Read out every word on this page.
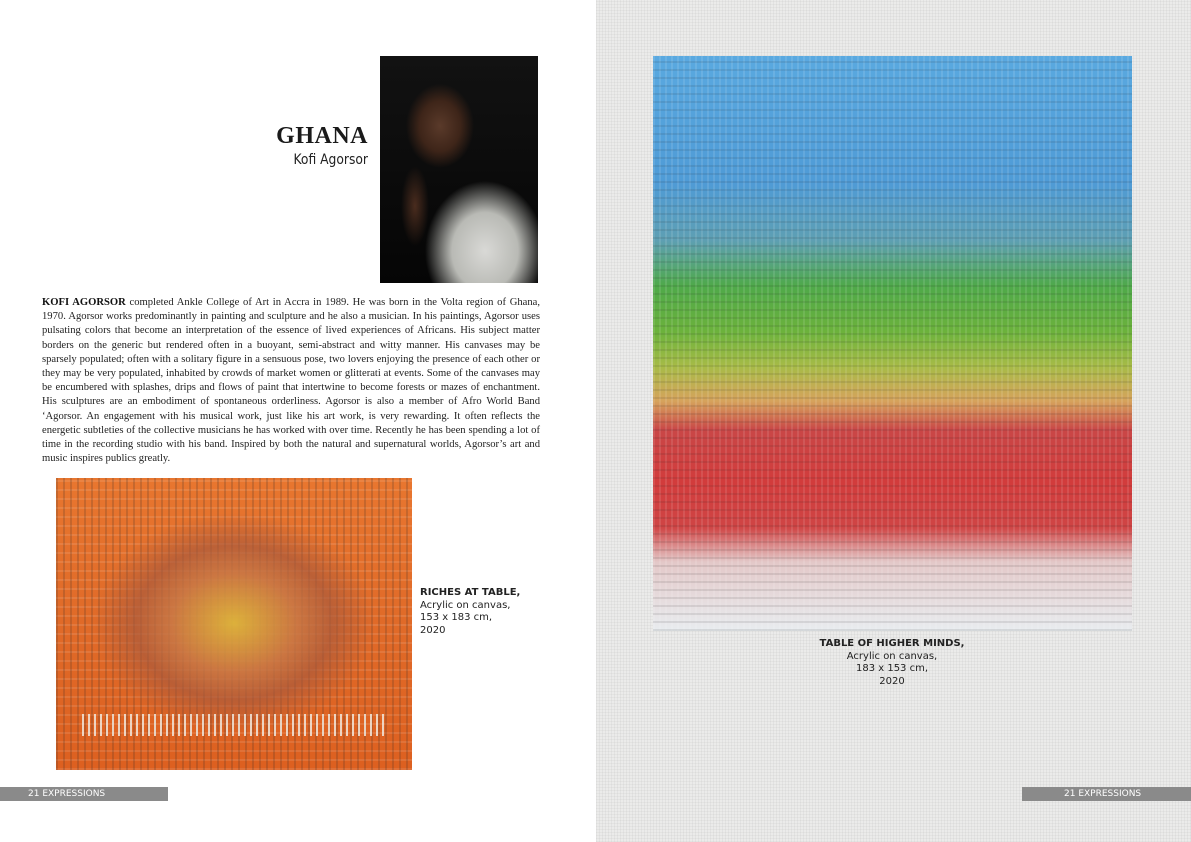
GHANA
Kofi Agorsor

KOFI AGORSOR completed Ankle College of Art in Accra in 1989. He was born in the Volta region of Ghana, 1970. Agorsor works predominantly in painting and sculpture and he also a musician. In his paintings, Agorsor uses pulsating colors that become an interpretation of the essence of lived experiences of Africans. His subject matter borders on the generic but rendered often in a buoyant, semi-abstract and witty manner. His canvases may be sparsely populated; often with a solitary figure in a sensuous pose, two lovers enjoying the presence of each other or they may be very populated, inhabited by crowds of market women or glitterati at events. Some of the canvases may be encumbered with splashes, drips and flows of paint that intertwine to become forests or mazes of enchantment. His sculptures are an embodiment of spontaneous orderliness. Agorsor is also a member of Afro World Band ‘Agorsor. An engagement with his musical work, just like his art work, is very rewarding. It often reflects the energetic subtleties of the collective musicians he has worked with over time. Recently he has been spending a lot of time in the recording studio with his band. Inspired by both the natural and supernatural worlds, Agorsor’s art and music inspires publics greatly.

RICHES AT TABLE,
Acrylic on canvas,
153 x 183 cm,
2020
21 EXPRESSIONS
TABLE OF HIGHER MINDS,
Acrylic on canvas,
183 x 153 cm,
2020
21 EXPRESSIONS
